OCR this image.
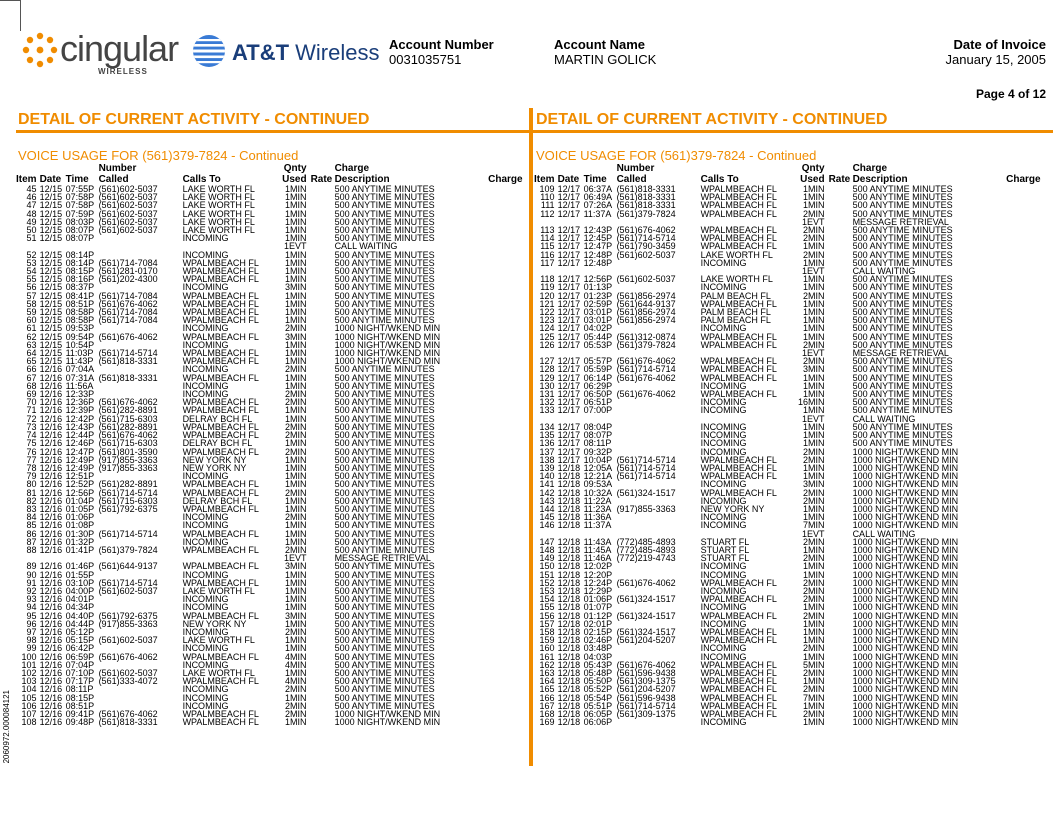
cingular
WIRELESS
AT&T Wireless Account Number
0031035751
Account Name
MARTIN GOLICK
Date of Invoice
January 15, 2005
Page 4 of 12
DETAIL OF CURRENT ACTIVITY - CONTINUED
VOICE USAGE FOR (561)379-7824 - Continued
			Number		Qnty		Charge	
Item	Date	Time	Called	Calls To	Used	Rate	Description	Charge
45	12/15	07:55P	(561)602-5037	LAKE WORTH FL	1MIN		500 ANYTIME MINUTES	
46	12/15	07:58P	(561)602-5037	LAKE WORTH FL	1MIN		500 ANYTIME MINUTES	
47	12/15	07:58P	(561)602-5037	LAKE WORTH FL	1MIN		500 ANYTIME MINUTES	
48	12/15	07:59P	(561)602-5037	LAKE WORTH FL	1MIN		500 ANYTIME MINUTES	
49	12/15	08:03P	(561)602-5037	LAKE WORTH FL	1MIN		500 ANYTIME MINUTES	
50	12/15	08:07P	(561)602-5037	LAKE WORTH FL	1MIN		500 ANYTIME MINUTES	
51	12/15	08:07P		INCOMING	1MIN		500 ANYTIME MINUTES	
					1EVT		CALL WAITING	
52	12/15	08:14P		INCOMING	1MIN		500 ANYTIME MINUTES	
53	12/15	08:14P	(561)714-7084	WPALMBEACH FL	1MIN		500 ANYTIME MINUTES	
54	12/15	08:15P	(561)281-0170	WPALMBEACH FL	1MIN		500 ANYTIME MINUTES	
55	12/15	08:16P	(561)202-4300	WPALMBEACH FL	1MIN		500 ANYTIME MINUTES	
56	12/15	08:37P		INCOMING	3MIN		500 ANYTIME MINUTES	
57	12/15	08:41P	(561)714-7084	WPALMBEACH FL	1MIN		500 ANYTIME MINUTES	
58	12/15	08:51P	(561)676-4062	WPALMBEACH FL	1MIN		500 ANYTIME MINUTES	
59	12/15	08:58P	(561)714-7084	WPALMBEACH FL	1MIN		500 ANYTIME MINUTES	
60	12/15	08:58P	(561)714-7084	WPALMBEACH FL	1MIN		500 ANYTIME MINUTES	
61	12/15	09:53P		INCOMING	2MIN		1000 NIGHT/WKEND MIN	
62	12/15	09:54P	(561)676-4062	WPALMBEACH FL	3MIN		1000 NIGHT/WKEND MIN	
63	12/15	10:54P		INCOMING	1MIN		1000 NIGHT/WKEND MIN	
64	12/15	11:03P	(561)714-5714	WPALMBEACH FL	1MIN		1000 NIGHT/WKEND MIN	
65	12/15	11:43P	(561)818-3331	WPALMBEACH FL	1MIN		1000 NIGHT/WKEND MIN	
66	12/16	07:04A		INCOMING	2MIN		500 ANYTIME MINUTES	
67	12/16	07:31A	(561)818-3331	WPALMBEACH FL	1MIN		500 ANYTIME MINUTES	
68	12/16	11:56A		INCOMING	1MIN		500 ANYTIME MINUTES	
69	12/16	12:33P		INCOMING	2MIN		500 ANYTIME MINUTES	
70	12/16	12:36P	(561)676-4062	WPALMBEACH FL	2MIN		500 ANYTIME MINUTES	
71	12/16	12:39P	(561)282-8891	WPALMBEACH FL	1MIN		500 ANYTIME MINUTES	
72	12/16	12:42P	(561)715-6303	DELRAY BCH FL	1MIN		500 ANYTIME MINUTES	
73	12/16	12:43P	(561)282-8891	WPALMBEACH FL	2MIN		500 ANYTIME MINUTES	
74	12/16	12:44P	(561)676-4062	WPALMBEACH FL	2MIN		500 ANYTIME MINUTES	
75	12/16	12:46P	(561)715-6303	DELRAY BCH FL	1MIN		500 ANYTIME MINUTES	
76	12/16	12:47P	(561)801-3590	WPALMBEACH FL	2MIN		500 ANYTIME MINUTES	
77	12/16	12:49P	(917)855-3363	NEW YORK NY	1MIN		500 ANYTIME MINUTES	
78	12/16	12:49P	(917)855-3363	NEW YORK NY	1MIN		500 ANYTIME MINUTES	
79	12/16	12:51P		INCOMING	1MIN		500 ANYTIME MINUTES	
80	12/16	12:52P	(561)282-8891	WPALMBEACH FL	1MIN		500 ANYTIME MINUTES	
81	12/16	12:56P	(561)714-5714	WPALMBEACH FL	2MIN		500 ANYTIME MINUTES	
82	12/16	01:04P	(561)715-6303	DELRAY BCH FL	1MIN		500 ANYTIME MINUTES	
83	12/16	01:05P	(561)792-6375	WPALMBEACH FL	1MIN		500 ANYTIME MINUTES	
84	12/16	01:06P		INCOMING	2MIN		500 ANYTIME MINUTES	
85	12/16	01:08P		INCOMING	1MIN		500 ANYTIME MINUTES	
86	12/16	01:30P	(561)714-5714	WPALMBEACH FL	1MIN		500 ANYTIME MINUTES	
87	12/16	01:32P		INCOMING	1MIN		500 ANYTIME MINUTES	
88	12/16	01:41P	(561)379-7824	WPALMBEACH FL	2MIN		500 ANYTIME MINUTES	
					1EVT		MESSAGE RETRIEVAL	
89	12/16	01:46P	(561)644-9137	WPALMBEACH FL	3MIN		500 ANYTIME MINUTES	
90	12/16	01:55P		INCOMING	1MIN		500 ANYTIME MINUTES	
91	12/16	03:10P	(561)714-5714	WPALMBEACH FL	1MIN		500 ANYTIME MINUTES	
92	12/16	04:00P	(561)602-5037	LAKE WORTH FL	1MIN		500 ANYTIME MINUTES	
93	12/16	04:01P		INCOMING	1MIN		500 ANYTIME MINUTES	
94	12/16	04:34P		INCOMING	1MIN		500 ANYTIME MINUTES	
95	12/16	04:40P	(561)792-6375	WPALMBEACH FL	3MIN		500 ANYTIME MINUTES	
96	12/16	04:44P	(917)855-3363	NEW YORK NY	1MIN		500 ANYTIME MINUTES	
97	12/16	05:12P		INCOMING	2MIN		500 ANYTIME MINUTES	
98	12/16	05:15P	(561)602-5037	LAKE WORTH FL	1MIN		500 ANYTIME MINUTES	
99	12/16	06:42P		INCOMING	1MIN		500 ANYTIME MINUTES	
100	12/16	06:59P	(561)676-4062	WPALMBEACH FL	4MIN		500 ANYTIME MINUTES	
101	12/16	07:04P		INCOMING	4MIN		500 ANYTIME MINUTES	
102	12/16	07:10P	(561)602-5037	LAKE WORTH FL	1MIN		500 ANYTIME MINUTES	
103	12/16	07:17P	(561)333-4072	WPALMBEACH FL	4MIN		500 ANYTIME MINUTES	
104	12/16	08:11P		INCOMING	2MIN		500 ANYTIME MINUTES	
105	12/16	08:15P		INCOMING	1MIN		500 ANYTIME MINUTES	
106	12/16	08:51P		INCOMING	2MIN		500 ANYTIME MINUTES	
107	12/16	09:41P	(561)676-4062	WPALMBEACH FL	2MIN		1000 NIGHT/WKEND MIN	
108	12/16	09:48P	(561)818-3331	WPALMBEACH FL	1MIN		1000 NIGHT/WKEND MIN	
DETAIL OF CURRENT ACTIVITY - CONTINUED
VOICE USAGE FOR (561)379-7824 - Continued
			Number		Qnty		Charge	
Item	Date	Time	Called	Calls To	Used	Rate	Description	Charge
109	12/17	06:37A	(561)818-3331	WPALMBEACH FL	1MIN		500 ANYTIME MINUTES	
110	12/17	06:49A	(561)818-3331	WPALMBEACH FL	1MIN		500 ANYTIME MINUTES	
111	12/17	07:26A	(561)818-3331	WPALMBEACH FL	1MIN		500 ANYTIME MINUTES	
112	12/17	11:37A	(561)379-7824	WPALMBEACH FL	2MIN		500 ANYTIME MINUTES	
					1EVT		MESSAGE RETRIEVAL	
113	12/17	12:43P	(561)676-4062	WPALMBEACH FL	2MIN		500 ANYTIME MINUTES	
114	12/17	12:45P	(561)714-5714	WPALMBEACH FL	2MIN		500 ANYTIME MINUTES	
115	12/17	12:47P	(561)790-3459	WPALMBEACH FL	1MIN		500 ANYTIME MINUTES	
116	12/17	12:48P	(561)602-5037	LAKE WORTH FL	2MIN		500 ANYTIME MINUTES	
117	12/17	12:48P		INCOMING	1MIN		500 ANYTIME MINUTES	
					1EVT		CALL WAITING	
118	12/17	12:56P	(561)602-5037	LAKE WORTH FL	1MIN		500 ANYTIME MINUTES	
119	12/17	01:13P		INCOMING	1MIN		500 ANYTIME MINUTES	
120	12/17	01:23P	(561)856-2974	PALM BEACH FL	2MIN		500 ANYTIME MINUTES	
121	12/17	02:59P	(561)644-9137	WPALMBEACH FL	1MIN		500 ANYTIME MINUTES	
122	12/17	03:01P	(561)856-2974	PALM BEACH FL	1MIN		500 ANYTIME MINUTES	
123	12/17	03:01P	(561)856-2974	PALM BEACH FL	1MIN		500 ANYTIME MINUTES	
124	12/17	04:02P		INCOMING	1MIN		500 ANYTIME MINUTES	
125	12/17	05:44P	(561)312-0874	WPALMBEACH FL	1MIN		500 ANYTIME MINUTES	
126	12/17	05:53P	(561)379-7824	WPALMBEACH FL	2MIN		500 ANYTIME MINUTES	
					1EVT		MESSAGE RETRIEVAL	
127	12/17	05:57P	(561)676-4062	WPALMBEACH FL	2MIN		500 ANYTIME MINUTES	
128	12/17	05:59P	(561)714-5714	WPALMBEACH FL	3MIN		500 ANYTIME MINUTES	
129	12/17	06:14P	(561)676-4062	WPALMBEACH FL	1MIN		500 ANYTIME MINUTES	
130	12/17	06:29P		INCOMING	1MIN		500 ANYTIME MINUTES	
131	12/17	06:50P	(561)676-4062	WPALMBEACH FL	1MIN		500 ANYTIME MINUTES	
132	12/17	06:51P		INCOMING	16MIN		500 ANYTIME MINUTES	
133	12/17	07:00P		INCOMING	1MIN		500 ANYTIME MINUTES	
					1EVT		CALL WAITING	
134	12/17	08:04P		INCOMING	1MIN		500 ANYTIME MINUTES	
135	12/17	08:07P		INCOMING	1MIN		500 ANYTIME MINUTES	
136	12/17	08:11P		INCOMING	1MIN		500 ANYTIME MINUTES	
137	12/17	09:32P		INCOMING	2MIN		1000 NIGHT/WKEND MIN	
138	12/17	10:04P	(561)714-5714	WPALMBEACH FL	2MIN		1000 NIGHT/WKEND MIN	
139	12/18	12:05A	(561)714-5714	WPALMBEACH FL	1MIN		1000 NIGHT/WKEND MIN	
140	12/18	12:21A	(561)714-5714	WPALMBEACH FL	1MIN		1000 NIGHT/WKEND MIN	
141	12/18	09:53A		INCOMING	3MIN		1000 NIGHT/WKEND MIN	
142	12/18	10:32A	(561)324-1517	WPALMBEACH FL	2MIN		1000 NIGHT/WKEND MIN	
143	12/18	11:22A		INCOMING	2MIN		1000 NIGHT/WKEND MIN	
144	12/18	11:23A	(917)855-3363	NEW YORK NY	1MIN		1000 NIGHT/WKEND MIN	
145	12/18	11:36A		INCOMING	1MIN		1000 NIGHT/WKEND MIN	
146	12/18	11:37A		INCOMING	7MIN		1000 NIGHT/WKEND MIN	
					1EVT		CALL WAITING	
147	12/18	11:43A	(772)485-4893	STUART FL	2MIN		1000 NIGHT/WKEND MIN	
148	12/18	11:45A	(772)485-4893	STUART FL	1MIN		1000 NIGHT/WKEND MIN	
149	12/18	11:46A	(772)219-4743	STUART FL	2MIN		1000 NIGHT/WKEND MIN	
150	12/18	12:02P		INCOMING	1MIN		1000 NIGHT/WKEND MIN	
151	12/18	12:20P		INCOMING	1MIN		1000 NIGHT/WKEND MIN	
152	12/18	12:24P	(561)676-4062	WPALMBEACH FL	2MIN		1000 NIGHT/WKEND MIN	
153	12/18	12:29P		INCOMING	2MIN		1000 NIGHT/WKEND MIN	
154	12/18	01:06P	(561)324-1517	WPALMBEACH FL	2MIN		1000 NIGHT/WKEND MIN	
155	12/18	01:07P		INCOMING	1MIN		1000 NIGHT/WKEND MIN	
156	12/18	01:12P	(561)324-1517	WPALMBEACH FL	2MIN		1000 NIGHT/WKEND MIN	
157	12/18	02:01P		INCOMING	1MIN		1000 NIGHT/WKEND MIN	
158	12/18	02:15P	(561)324-1517	WPALMBEACH FL	1MIN		1000 NIGHT/WKEND MIN	
159	12/18	02:46P	(561)204-5207	WPALMBEACH FL	1MIN		1000 NIGHT/WKEND MIN	
160	12/18	03:48P		INCOMING	2MIN		1000 NIGHT/WKEND MIN	
161	12/18	04:03P		INCOMING	1MIN		1000 NIGHT/WKEND MIN	
162	12/18	05:43P	(561)676-4062	WPALMBEACH FL	5MIN		1000 NIGHT/WKEND MIN	
163	12/18	05:48P	(561)596-9438	WPALMBEACH FL	2MIN		1000 NIGHT/WKEND MIN	
164	12/18	05:50P	(561)309-1375	WPALMBEACH FL	1MIN		1000 NIGHT/WKEND MIN	
165	12/18	05:52P	(561)204-5207	WPALMBEACH FL	2MIN		1000 NIGHT/WKEND MIN	
166	12/18	05:54P	(561)596-9438	WPALMBEACH FL	7MIN		1000 NIGHT/WKEND MIN	
167	12/18	05:51P	(561)714-5714	WPALMBEACH FL	1MIN		1000 NIGHT/WKEND MIN	
168	12/18	06:05P	(561)309-1375	WPALMBEACH FL	2MIN		1000 NIGHT/WKEND MIN	
169	12/18	06:06P		INCOMING	1MIN		1000 NIGHT/WKEND MIN	
2060972.000084121
